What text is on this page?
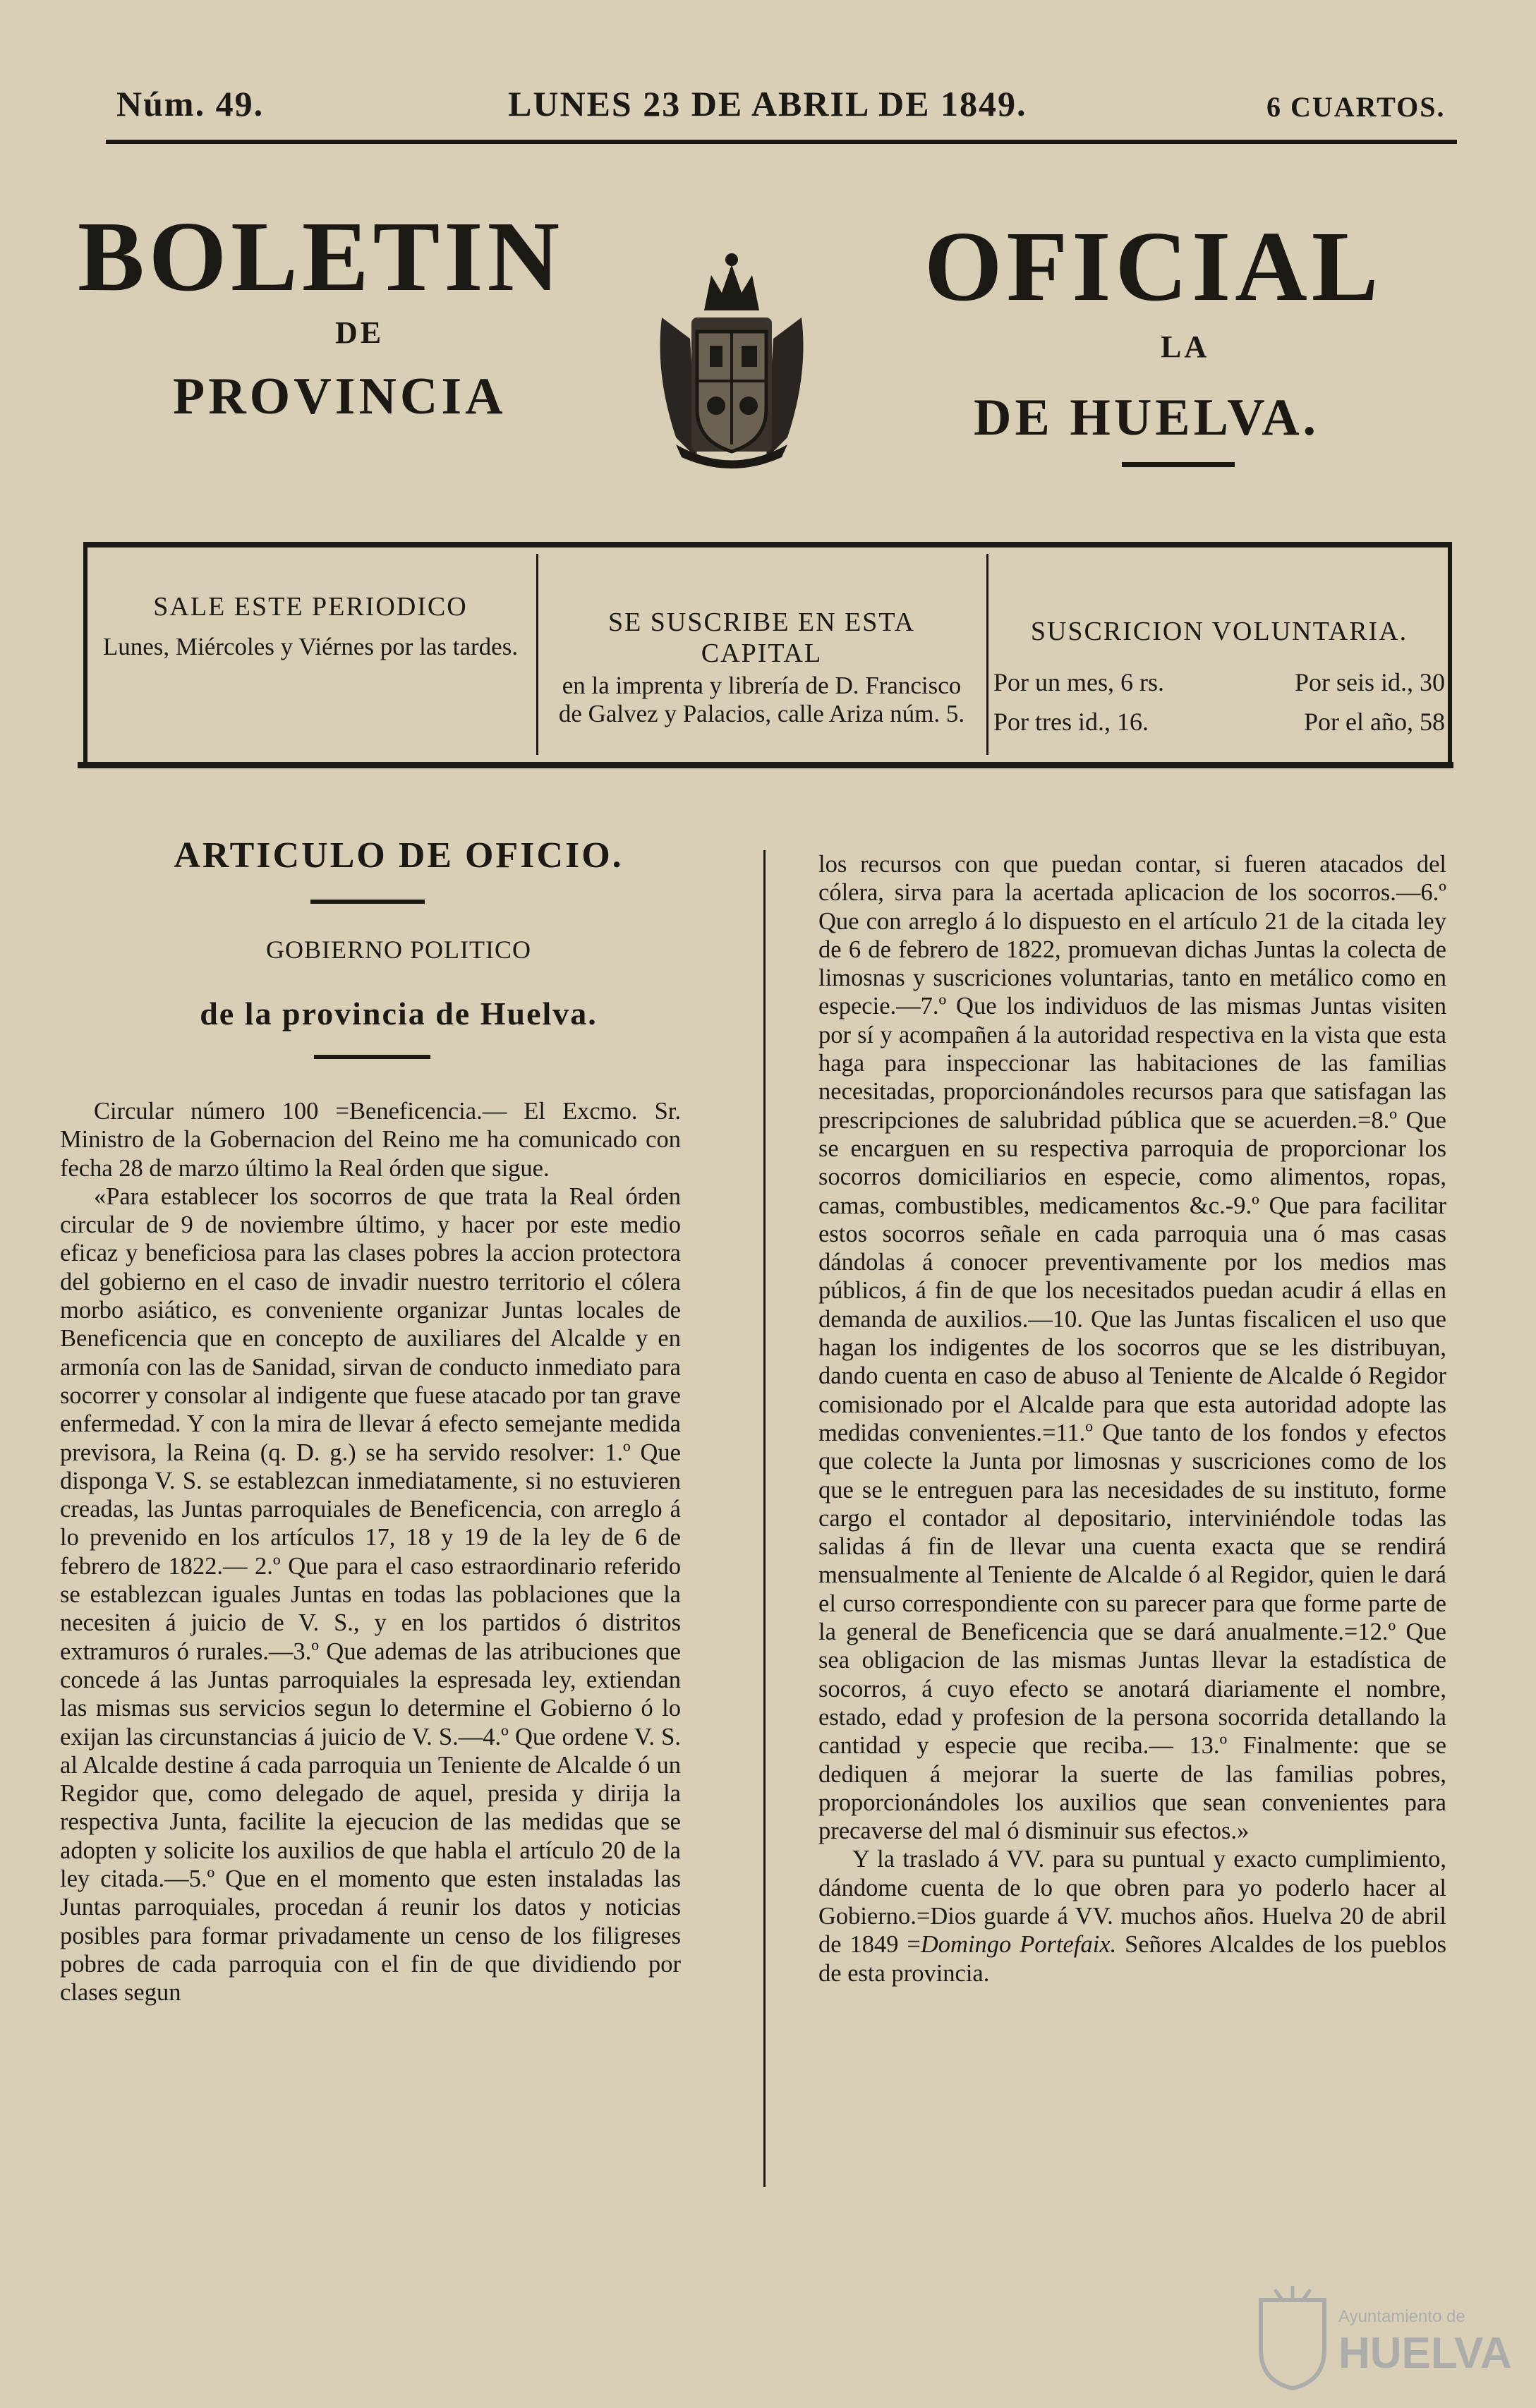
Núm. 49.	LUNES 23 DE ABRIL DE 1849.	6 CUARTOS.
BOLETIN
DE
PROVINCIA
OFICIAL
LA
DE HUELVA.
SALE ESTE PERIODICO

Lunes, Miércoles y Viérnes por las tardes.

SE SUSCRIBE EN ESTA CAPITAL

en la imprenta y librería de D. Francisco de Galvez y Palacios, calle Ariza núm. 5.

SUSCRICION VOLUNTARIA.
Por un mes, 6 rs.	Por seis id., 30
Por tres id., 16.	Por el año, 58
ARTICULO DE OFICIO.
GOBIERNO POLITICO
de la provincia de Huelva.

Circular número 100 =Beneficencia.— El Excmo. Sr. Ministro de la Gobernacion del Reino me ha comunicado con fecha 28 de marzo último la Real órden que sigue.

«Para establecer los socorros de que trata la Real órden circular de 9 de noviembre último, y hacer por este medio eficaz y beneficiosa para las clases pobres la accion protectora del gobierno en el caso de invadir nuestro territorio el cólera morbo asiático, es conveniente organizar Juntas locales de Beneficencia que en concepto de auxiliares del Alcalde y en armonía con las de Sanidad, sirvan de conducto inmediato para socorrer y consolar al indigente que fuese atacado por tan grave enfermedad. Y con la mira de llevar á efecto semejante medida previsora, la Reina (q. D. g.) se ha servido resolver: 1.º Que disponga V. S. se establezcan inmediatamente, si no estuvieren creadas, las Juntas parroquiales de Beneficencia, con arreglo á lo prevenido en los artículos 17, 18 y 19 de la ley de 6 de febrero de 1822.— 2.º Que para el caso estraordinario referido se establezcan iguales Juntas en todas las poblaciones que la necesiten á juicio de V. S., y en los partidos ó distritos extramuros ó rurales.—3.º Que ademas de las atribuciones que concede á las Juntas parroquiales la espresada ley, extiendan las mismas sus servicios segun lo determine el Gobierno ó lo exijan las circunstancias á juicio de V. S.—4.º Que ordene V. S. al Alcalde destine á cada parroquia un Teniente de Alcalde ó un Regidor que, como delegado de aquel, presida y dirija la respectiva Junta, facilite la ejecucion de las medidas que se adopten y solicite los auxilios de que habla el artículo 20 de la ley citada.—5.º Que en el momento que esten instaladas las Juntas parroquiales, procedan á reunir los datos y noticias posibles para formar privadamente un censo de los filigreses pobres de cada parroquia con el fin de que dividiendo por clases segun

los recursos con que puedan contar, si fueren atacados del cólera, sirva para la acertada aplicacion de los socorros.—6.º Que con arreglo á lo dispuesto en el artículo 21 de la citada ley de 6 de febrero de 1822, promuevan dichas Juntas la colecta de limosnas y suscriciones voluntarias, tanto en metálico como en especie.—7.º Que los individuos de las mismas Juntas visiten por sí y acompañen á la autoridad respectiva en la vista que esta haga para inspeccionar las habitaciones de las familias necesitadas, proporcionándoles recursos para que satisfagan las prescripciones de salubridad pública que se acuerden.=8.º Que se encarguen en su respectiva parroquia de proporcionar los socorros domiciliarios en especie, como alimentos, ropas, camas, combustibles, medicamentos &c.-9.º Que para facilitar estos socorros señale en cada parroquia una ó mas casas dándolas á conocer preventivamente por los medios mas públicos, á fin de que los necesitados puedan acudir á ellas en demanda de auxilios.—10. Que las Juntas fiscalicen el uso que hagan los indigentes de los socorros que se les distribuyan, dando cuenta en caso de abuso al Teniente de Alcalde ó Regidor comisionado por el Alcalde para que esta autoridad adopte las medidas convenientes.=11.º Que tanto de los fondos y efectos que colecte la Junta por limosnas y suscriciones como de los que se le entreguen para las necesidades de su instituto, forme cargo el contador al depositario, interviniéndole todas las salidas á fin de llevar una cuenta exacta que se rendirá mensualmente al Teniente de Alcalde ó al Regidor, quien le dará el curso correspondiente con su parecer para que forme parte de la general de Beneficencia que se dará anualmente.=12.º Que sea obligacion de las mismas Juntas llevar la estadística de socorros, á cuyo efecto se anotará diariamente el nombre, estado, edad y profesion de la persona socorrida detallando la cantidad y especie que reciba.— 13.º Finalmente: que se dediquen á mejorar la suerte de las familias pobres, proporcionándoles los auxilios que sean convenientes para precaverse del mal ó disminuir sus efectos.»

Y la traslado á VV. para su puntual y exacto cumplimiento, dándome cuenta de lo que obren para yo poderlo hacer al Gobierno.=Dios guarde á VV. muchos años. Huelva 20 de abril de 1849 =Domingo Portefaix. Señores Alcaldes de los pueblos de esta provincia.

Ayuntamiento de
HUELVA
